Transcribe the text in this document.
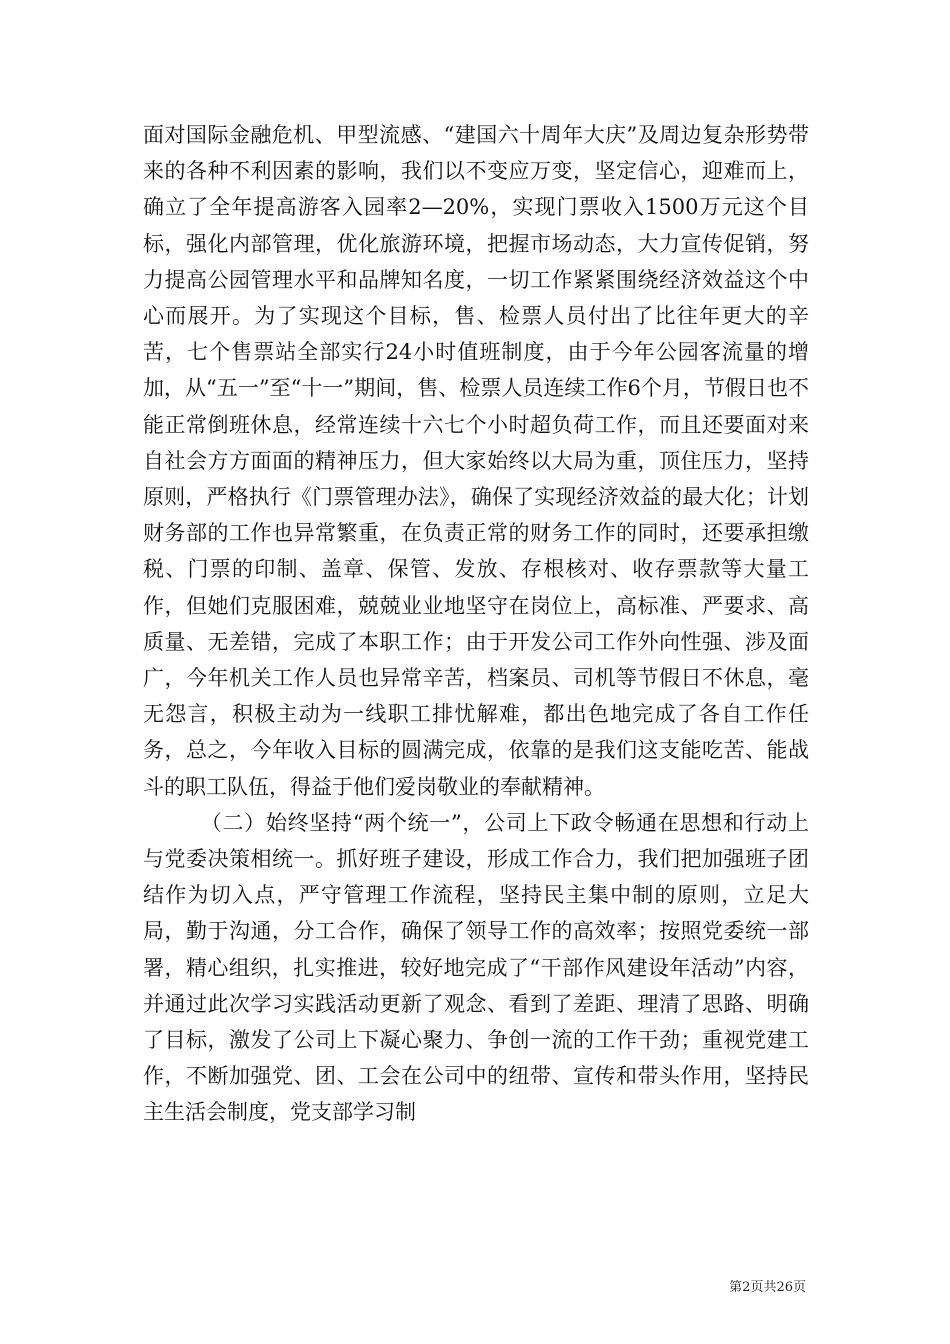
面对国际金融危机、甲型流感、“建国六十周年大庆”及周边复杂形势带来的各种不利因素的影响，我们以不变应万变，坚定信心，迎难而上，确立了全年提高游客入园率2—20%，实现门票收入1500万元这个目标，强化内部管理，优化旅游环境，把握市场动态，大力宣传促销，努力提高公园管理水平和品牌知名度，一切工作紧紧围绕经济效益这个中心而展开。为了实现这个目标，售、检票人员付出了比往年更大的辛苦，七个售票站全部实行24小时值班制度，由于今年公园客流量的增加，从“五一”至“十一”期间，售、检票人员连续工作6个月，节假日也不能正常倒班休息，经常连续十六七个小时超负荷工作，而且还要面对来自社会方方面面的精神压力，但大家始终以大局为重，顶住压力，坚持原则，严格执行《门票管理办法》，确保了实现经济效益的最大化；计划财务部的工作也异常繁重，在负责正常的财务工作的同时，还要承担缴税、门票的印制、盖章、保管、发放、存根核对、收存票款等大量工作，但她们克服困难，兢兢业业地坚守在岗位上，高标准、严要求、高质量、无差错，完成了本职工作；由于开发公司工作外向性强、涉及面广，今年机关工作人员也异常辛苦，档案员、司机等节假日不休息，毫无怨言，积极主动为一线职工排忧解难，都出色地完成了各自工作任务，总之，今年收入目标的圆满完成，依靠的是我们这支能吃苦、能战斗的职工队伍，得益于他们爱岗敬业的奉献精神。

（二）始终坚持“两个统一”，公司上下政令畅通在思想和行动上与党委决策相统一。抓好班子建设，形成工作合力，我们把加强班子团结作为切入点，严守管理工作流程，坚持民主集中制的原则，立足大局，勤于沟通，分工合作，确保了领导工作的高效率；按照党委统一部署，精心组织，扎实推进，较好地完成了“干部作风建设年活动”内容，并通过此次学习实践活动更新了观念、看到了差距、理清了思路、明确了目标，激发了公司上下凝心聚力、争创一流的工作干劲；重视党建工作，不断加强党、团、工会在公司中的纽带、宣传和带头作用，坚持民主生活会制度，党支部学习制

第2页共26页
